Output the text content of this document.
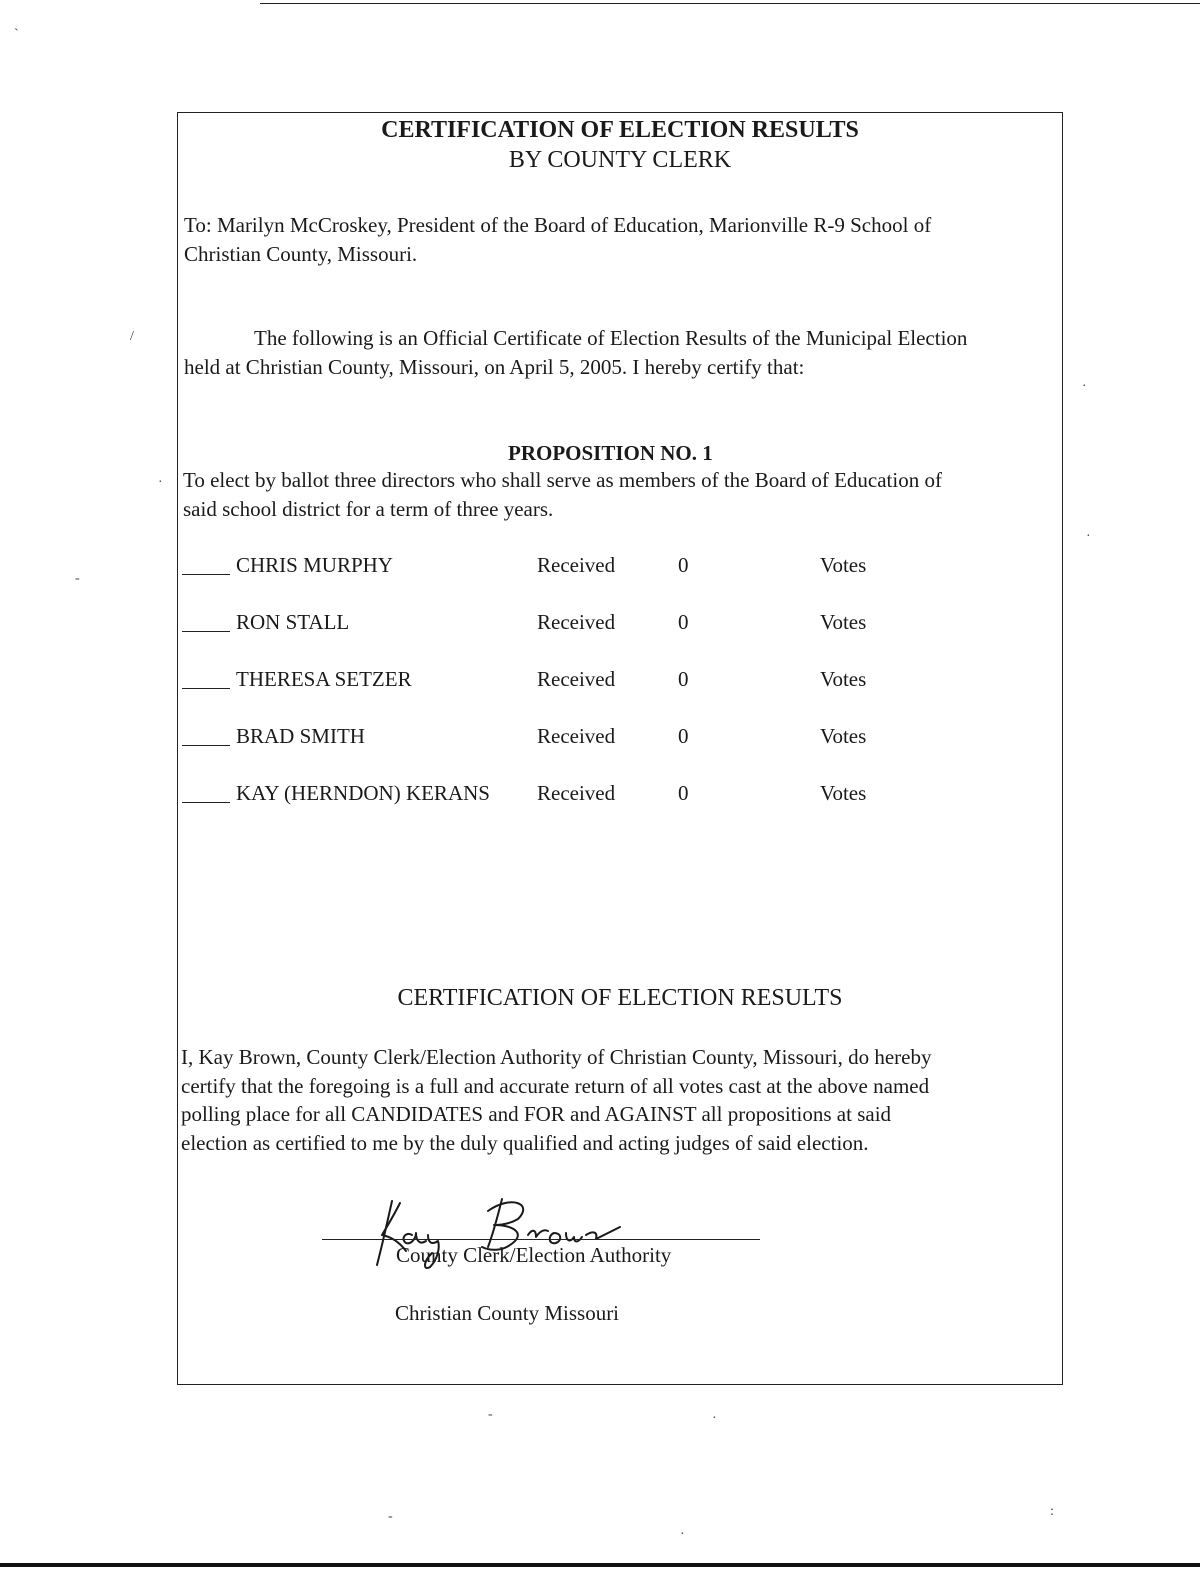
`
/
·
-
·
·
-	·
-
·
:
CERTIFICATION OF ELECTION RESULTS
BY COUNTY CLERK
To: Marilyn McCroskey, President of the Board of Education, Marionville R-9 School of
Christian County, Missouri.
The following is an Official Certificate of Election Results of the Municipal Election
held at Christian County, Missouri, on April 5, 2005. I hereby certify that:
PROPOSITION NO. 1
To elect by ballot three directors who shall serve as members of the Board of Education of
said school district for a term of three years.
CHRIS MURPHY	Received	0	Votes
RON STALL	Received	0	Votes
THERESA SETZER	Received	0	Votes
BRAD SMITH	Received	0	Votes
KAY (HERNDON) KERANS Received	0	Votes
CERTIFICATION OF ELECTION RESULTS
I, Kay Brown, County Clerk/Election Authority of Christian County, Missouri, do hereby
certify that the foregoing is a full and accurate return of all votes cast at the above named
polling place for all CANDIDATES and FOR and AGAINST all propositions at said
election as certified to me by the duly qualified and acting judges of said election.
County Clerk/Election Authority
Christian County Missouri
